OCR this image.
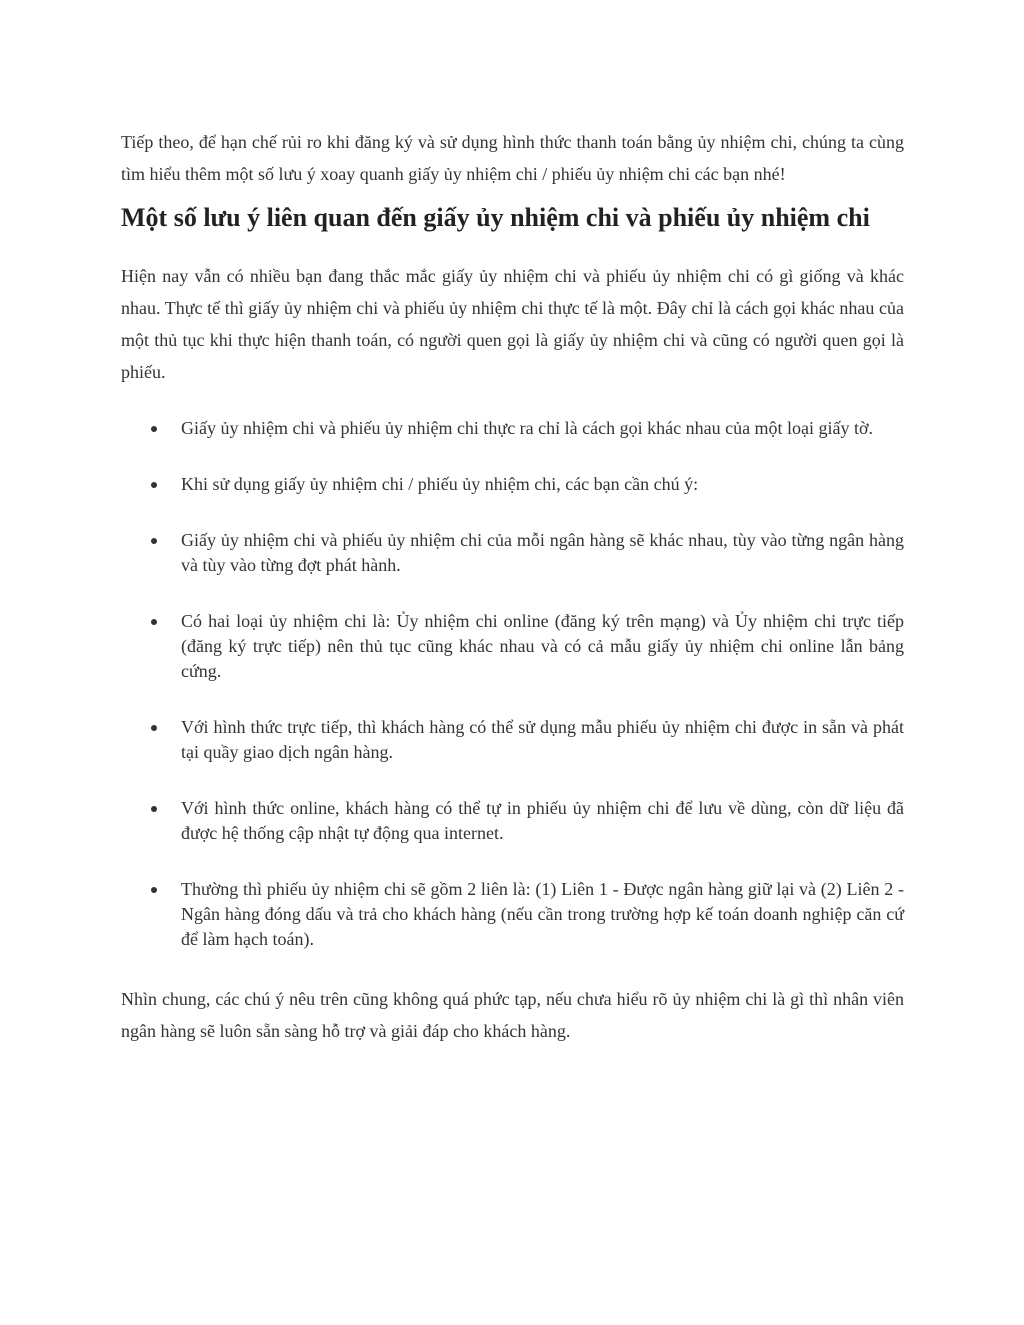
Tiếp theo, để hạn chế rủi ro khi đăng ký và sử dụng hình thức thanh toán bằng ủy nhiệm chi, chúng ta cùng tìm hiểu thêm một số lưu ý xoay quanh giấy ủy nhiệm chi / phiếu ủy nhiệm chi các bạn nhé!

Một số lưu ý liên quan đến giấy ủy nhiệm chi và phiếu ủy nhiệm chi

Hiện nay vẫn có nhiều bạn đang thắc mắc giấy ủy nhiệm chi và phiếu ủy nhiệm chi có gì giống và khác nhau. Thực tế thì giấy ủy nhiệm chi và phiếu ủy nhiệm chi thực tế là một. Đây chỉ là cách gọi khác nhau của một thủ tục khi thực hiện thanh toán, có người quen gọi là giấy ủy nhiệm chi và cũng có người quen gọi là phiếu.

Giấy ủy nhiệm chi và phiếu ủy nhiệm chi thực ra chỉ là cách gọi khác nhau của một loại giấy tờ.
Khi sử dụng giấy ủy nhiệm chi / phiếu ủy nhiệm chi, các bạn cần chú ý:
Giấy ủy nhiệm chi và phiếu ủy nhiệm chi của mỗi ngân hàng sẽ khác nhau, tùy vào từng ngân hàng và tùy vào từng đợt phát hành.
Có hai loại ủy nhiệm chi là: Ủy nhiệm chi online (đăng ký trên mạng) và Ủy nhiệm chi trực tiếp (đăng ký trực tiếp) nên thủ tục cũng khác nhau và có cả mẫu giấy ủy nhiệm chi online lẫn bảng cứng.
Với hình thức trực tiếp, thì khách hàng có thể sử dụng mẫu phiếu ủy nhiệm chi được in sẵn và phát tại quầy giao dịch ngân hàng.
Với hình thức online, khách hàng có thể tự in phiếu ủy nhiệm chi để lưu về dùng, còn dữ liệu đã được hệ thống cập nhật tự động qua internet.
Thường thì phiếu ủy nhiệm chi sẽ gồm 2 liên là: (1) Liên 1 - Được ngân hàng giữ lại và (2) Liên 2 - Ngân hàng đóng dấu và trả cho khách hàng (nếu cần trong trường hợp kế toán doanh nghiệp căn cứ để làm hạch toán).

Nhìn chung, các chú ý nêu trên cũng không quá phức tạp, nếu chưa hiểu rõ ủy nhiệm chi là gì thì nhân viên ngân hàng sẽ luôn sẵn sàng hỗ trợ và giải đáp cho khách hàng.
